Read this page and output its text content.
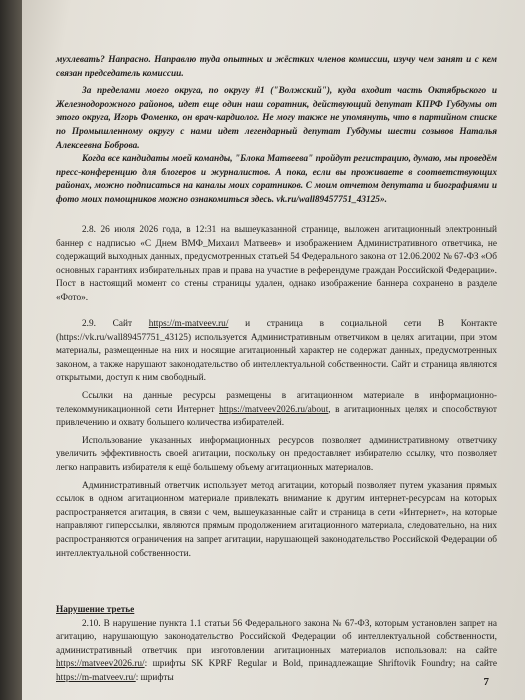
мухлевать? Напрасно. Направлю туда опытных и жёстких членов комиссии, изучу чем занят и с кем связан председатель комиссии.

За пределами моего округа, по округу #1 ("Волжский"), куда входит часть Октябрьского и Железнодорожного районов, идет еще один наш соратник, действующий депутат КПРФ Губдумы от этого округа, Игорь Фоменко, он врач-кардиолог. Не могу также не упомянуть, что в партийном списке по Промышленному округу с нами идет легендарный депутат Губдумы шести созывов Наталья Алексеевна Боброва.

Когда все кандидаты моей команды, "Блока Матвеева" пройдут регистрацию, думаю, мы проведём пресс-конференцию для блогеров и журналистов. А пока, если вы проживаете в соответствующих районах, можно подписаться на каналы моих соратников. С моим отчетом депутата и биографиями и фото моих помощников можно ознакомиться здесь. vk.ru/wall89457751_43125».

2.8. 26 июля 2026 года, в 12:31 на вышеуказанной странице, выложен агитационный электронный баннер с надписью «С Днем ВМФ_Михаил Матвеев» и изображением Административного ответчика, не содержащий выходных данных, предусмотренных статьей 54 Федерального закона от 12.06.2002 № 67-ФЗ «Об основных гарантиях избирательных прав и права на участие в референдуме граждан Российской Федерации». Пост в настоящий момент со стены страницы удален, однако изображение баннера сохранено в разделе «Фото».

2.9. Сайт https://m-matveev.ru/ и страница в социальной сети В Контакте (https://vk.ru/wall89457751_43125) используется Административным ответчиком в целях агитации, при этом материалы, размещенные на них и носящие агитационный характер не содержат данных, предусмотренных законом, а также нарушают законодательство об интеллектуальной собственности. Сайт и страница являются открытыми, доступ к ним свободный.

Ссылки на данные ресурсы размещены в агитационном материале в информационно-телекоммуникационной сети Интернет https://matveev2026.ru/about, в агитационных целях и способствуют привлечению и охвату большего количества избирателей.

Использование указанных информационных ресурсов позволяет административному ответчику увеличить эффективность своей агитации, поскольку он предоставляет избирателю ссылку, что позволяет легко направить избирателя к ещё большему объему агитационных материалов.

Административный ответчик использует метод агитации, который позволяет путем указания прямых ссылок в одном агитационном материале привлекать внимание к другим интернет-ресурсам на которых распространяется агитация, в связи с чем, вышеуказанные сайт и страница в сети «Интернет», на которые направляют гиперссылки, являются прямым продолжением агитационного материала, следовательно, на них распространяются ограничения на запрет агитации, нарушающей законодательство Российской Федерации об интеллектуальной собственности.

Нарушение третье

2.10. В нарушение пункта 1.1 статьи 56 Федерального закона № 67-ФЗ, которым установлен запрет на агитацию, нарушающую законодательство Российской Федерации об интеллектуальной собственности, административный ответчик при изготовлении агитационных материалов использовал: на сайте https://matveev2026.ru/: шрифты SK KPRF Regular и Bold, принадлежащие Shriftovik Foundry; на сайте https://m-matveev.ru/: шрифты	7
